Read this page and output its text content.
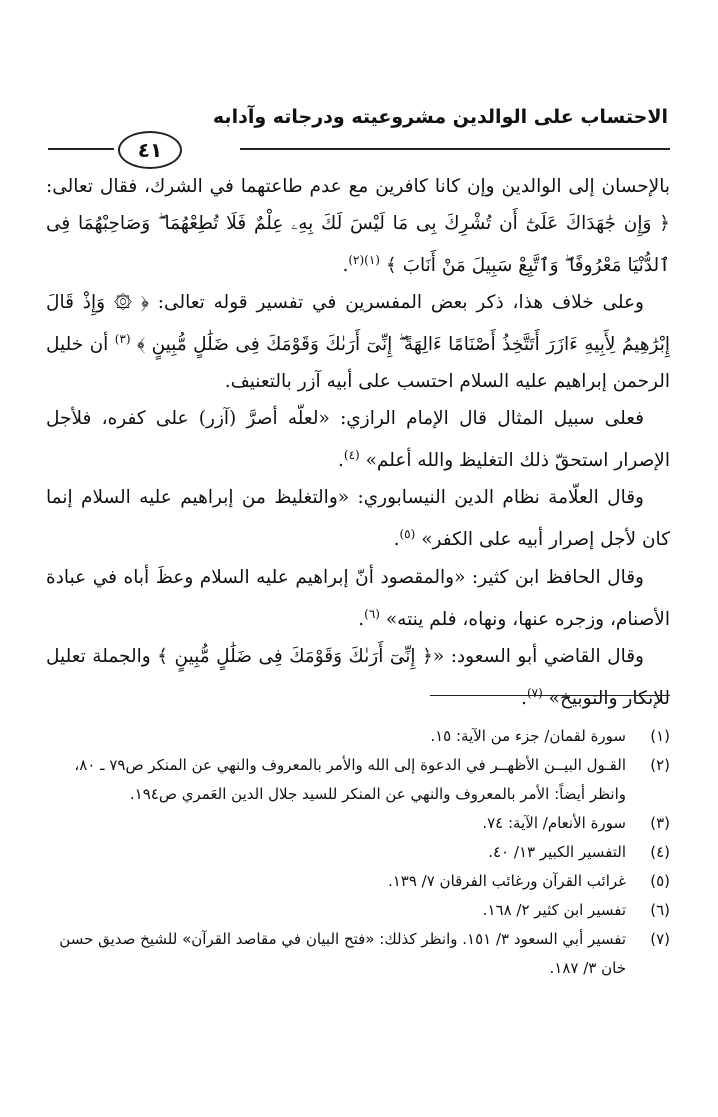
الاحتساب على الوالدين مشروعيته ودرجاته وآدابه
٤١

بالإحسان إلى الوالدين وإن كانا كافرين مع عدم طاعتهما في الشرك، فقال تعالى: ﴿ وَإِن جَٰهَدَاكَ عَلَىٰٓ أَن تُشْرِكَ بِى مَا لَيْسَ لَكَ بِهِۦ عِلْمٌ فَلَا تُطِعْهُمَا ۖ وَصَاحِبْهُمَا فِى ٱلدُّنْيَا مَعْرُوفًا ۖ وَٱتَّبِعْ سَبِيلَ مَنْ أَنَابَ ﴾ $^{(١)(٢)}$.

وعلى خلاف هذا، ذكر بعض المفسرين في تفسير قوله تعالى: ﴿ ۞ وَإِذْ قَالَ إِبْرَٰهِيمُ لِأَبِيهِ ءَازَرَ أَتَتَّخِذُ أَصْنَامًا ءَالِهَةً ۖ إِنِّىٓ أَرَىٰكَ وَقَوْمَكَ فِى ضَلَٰلٍ مُّبِينٍ ﴾ $^{(٣)}$ أن خليل الرحمن إبراهيم عليه السلام احتسب على أبيه آزر بالتعنيف.

فعلى سبيل المثال قال الإمام الرازي: «لعلّه أصرَّ (آزر) على كفره، فلأجل الإصرار استحقّ ذلك التغليظ والله أعلم» $^{(٤)}$.

وقال العلّامة نظام الدين النيسابوري: «والتغليظ من إبراهيم عليه السلام إنما كان لأجل إصرار أبيه على الكفر» $^{(٥)}$.

وقال الحافظ ابن كثير: «والمقصود أنّ إبراهيم عليه السلام وعظَ أباه في عبادة الأصنام، وزجره عنها، ونهاه، فلم ينته» $^{(٦)}$.

وقال القاضي أبو السعود: «﴿ إِنِّىٓ أَرَىٰكَ وَقَوْمَكَ فِى ضَلَٰلٍ مُّبِينٍ ﴾ والجملة تعليل للإنكار والتوبيخ» $^{(٧)}$.

(١)
سورة لقمان/ جزء من الآية: ١٥.
(٢)
القـول البيــن الأظهــر في الدعوة إلى الله والأمر بالمعروف والنهي عن المنكر ص٧٩ ـ ٨٠، وانظر أيضاً: الأمر بالمعروف والنهي عن المنكر للسيد جلال الدين العَمري ص١٩٤.
(٣)
سورة الأنعام/ الآية: ٧٤.
(٤)
التفسير الكبير ١٣/ ٤٠.
(٥)
غرائب القرآن ورغائب الفرقان ٧/ ١٣٩.
(٦)
تفسير ابن كثير ٢/ ١٦٨.
(٧)
تفسير أبي السعود ٣/ ١٥١. وانظر كذلك: «فتح البيان في مقاصد القرآن» للشيخ صديق حسن خان ٣/ ١٨٧.
